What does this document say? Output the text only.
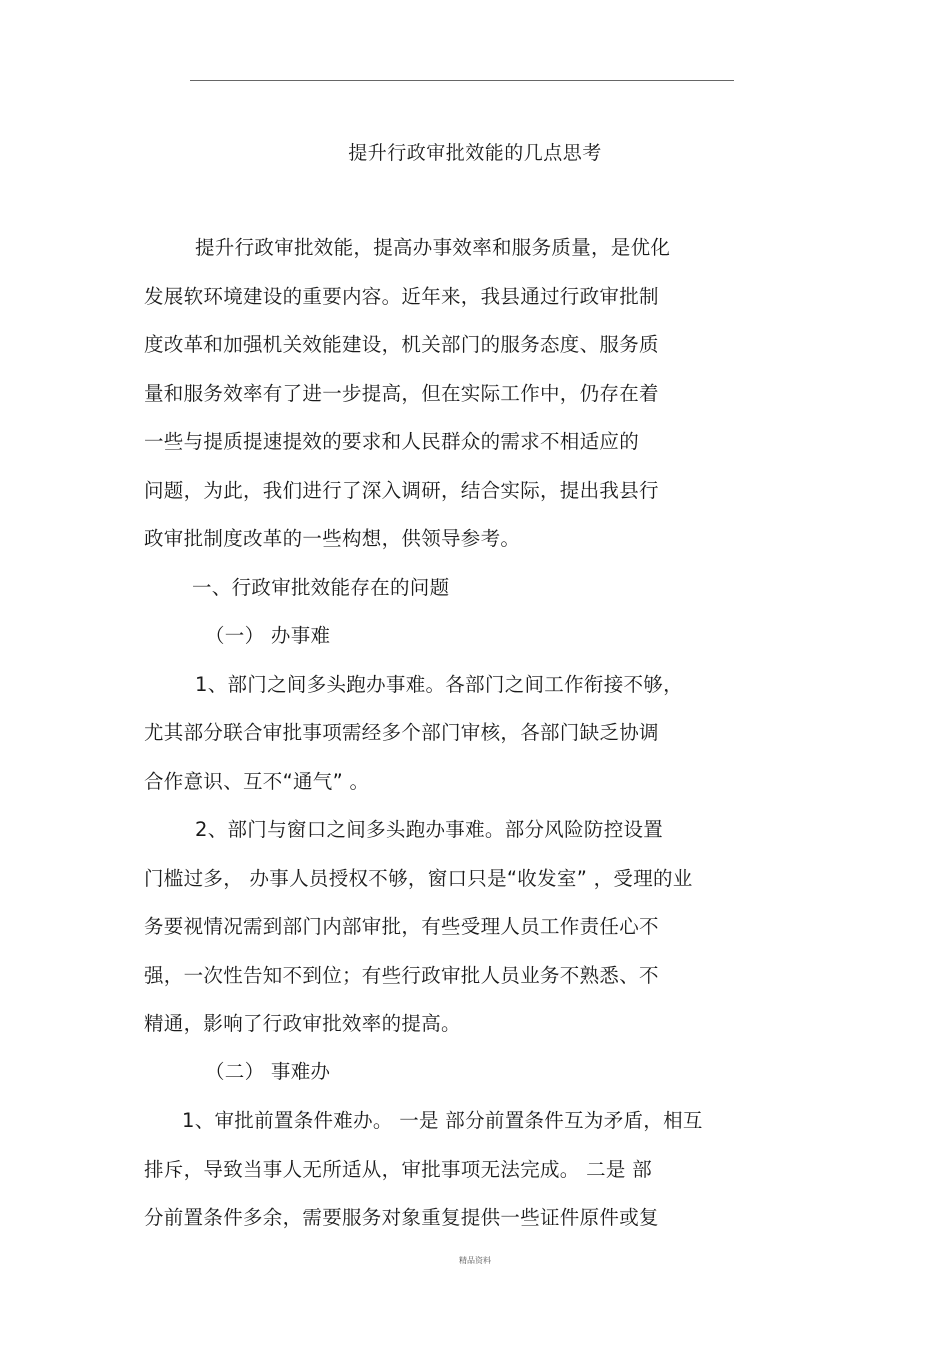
提升行政审批效能的几点思考
提升行政审批效能，提高办事效率和服务质量，是优化
发展软环境建设的重要内容。近年来，我县通过行政审批制
度改革和加强机关效能建设，机关部门的服务态度、服务质
量和服务效率有了进一步提高，但在实际工作中，仍存在着
一些与提质提速提效的要求和人民群众的需求不相适应的
问题，为此，我们进行了深入调研，结合实际，提出我县行
政审批制度改革的一些构想，供领导参考。
一、行政审批效能存在的问题
（一） 办事难
1、部门之间多头跑办事难。各部门之间工作衔接不够，
尤其部分联合审批事项需经多个部门审核，各部门缺乏协调
合作意识、互不“通气” 。
2、部门与窗口之间多头跑办事难。部分风险防控设置
门槛过多， 办事人员授权不够，窗口只是“收发室” ，受理的业
务要视情况需到部门内部审批，有些受理人员工作责任心不
强，一次性告知不到位；有些行政审批人员业务不熟悉、不
精通，影响了行政审批效率的提高。
（二） 事难办
1、审批前置条件难办。 一是 部分前置条件互为矛盾，相互
排斥，导致当事人无所适从，审批事项无法完成。 二是 部
分前置条件多余，需要服务对象重复提供一些证件原件或复
精品资料
